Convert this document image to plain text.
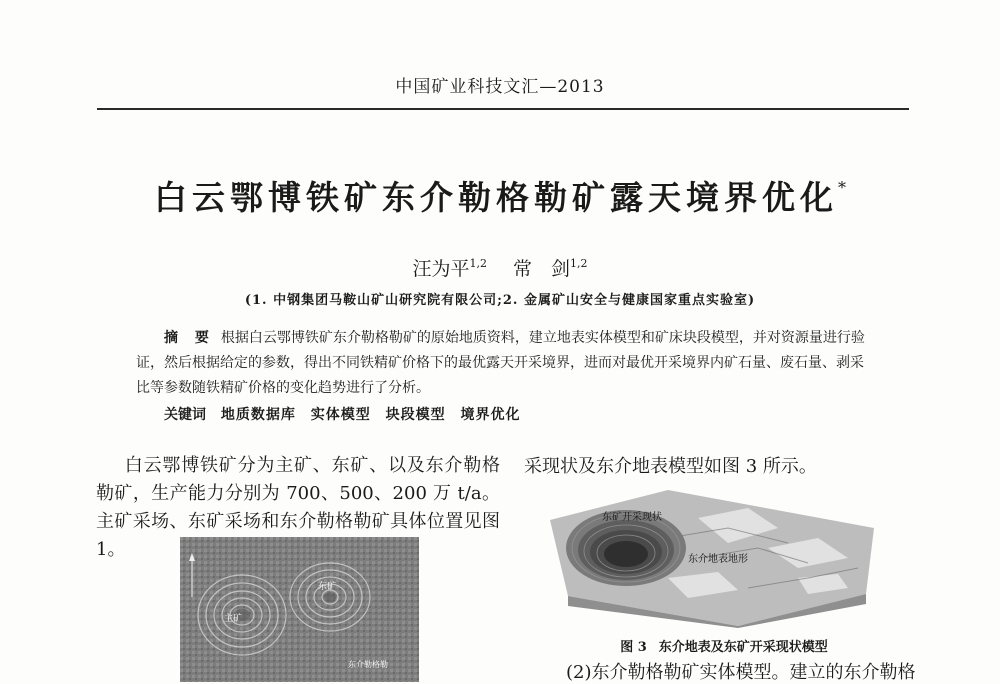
中国矿业科技文汇—2013
白云鄂博铁矿东介勒格勒矿露天境界优化*
汪为平$^{1,2}$ 常　剑$^{1,2}$
(1. 中钢集团马鞍山矿山研究院有限公司;2. 金属矿山安全与健康国家重点实验室)
摘 要 根据白云鄂博铁矿东介勒格勒矿的原始地质资料，建立地表实体模型和矿床块段模型，并对资源量进行验证，然后根据给定的参数，得出不同铁精矿价格下的最优露天开采境界，进而对最优开采境界内矿石量、废石量、剥采比等参数随铁精矿价格的变化趋势进行了分析。
关键词 地质数据库 实体模型 块段模型 境界优化
白云鄂博铁矿分为主矿、东矿、以及东介勒格勒矿，生产能力分别为 700、500、200 万 t/a。主矿采场、东矿采场和东介勒格勒矿具体位置见图1。
采现状及东介地表模型如图 3 所示。
主矿
东矿
东介勒格勒
东矿开采现状
东介地表地形
图 3 东介地表及东矿开采现状模型
(2)东介勒格勒矿实体模型。建立的东介勒格
